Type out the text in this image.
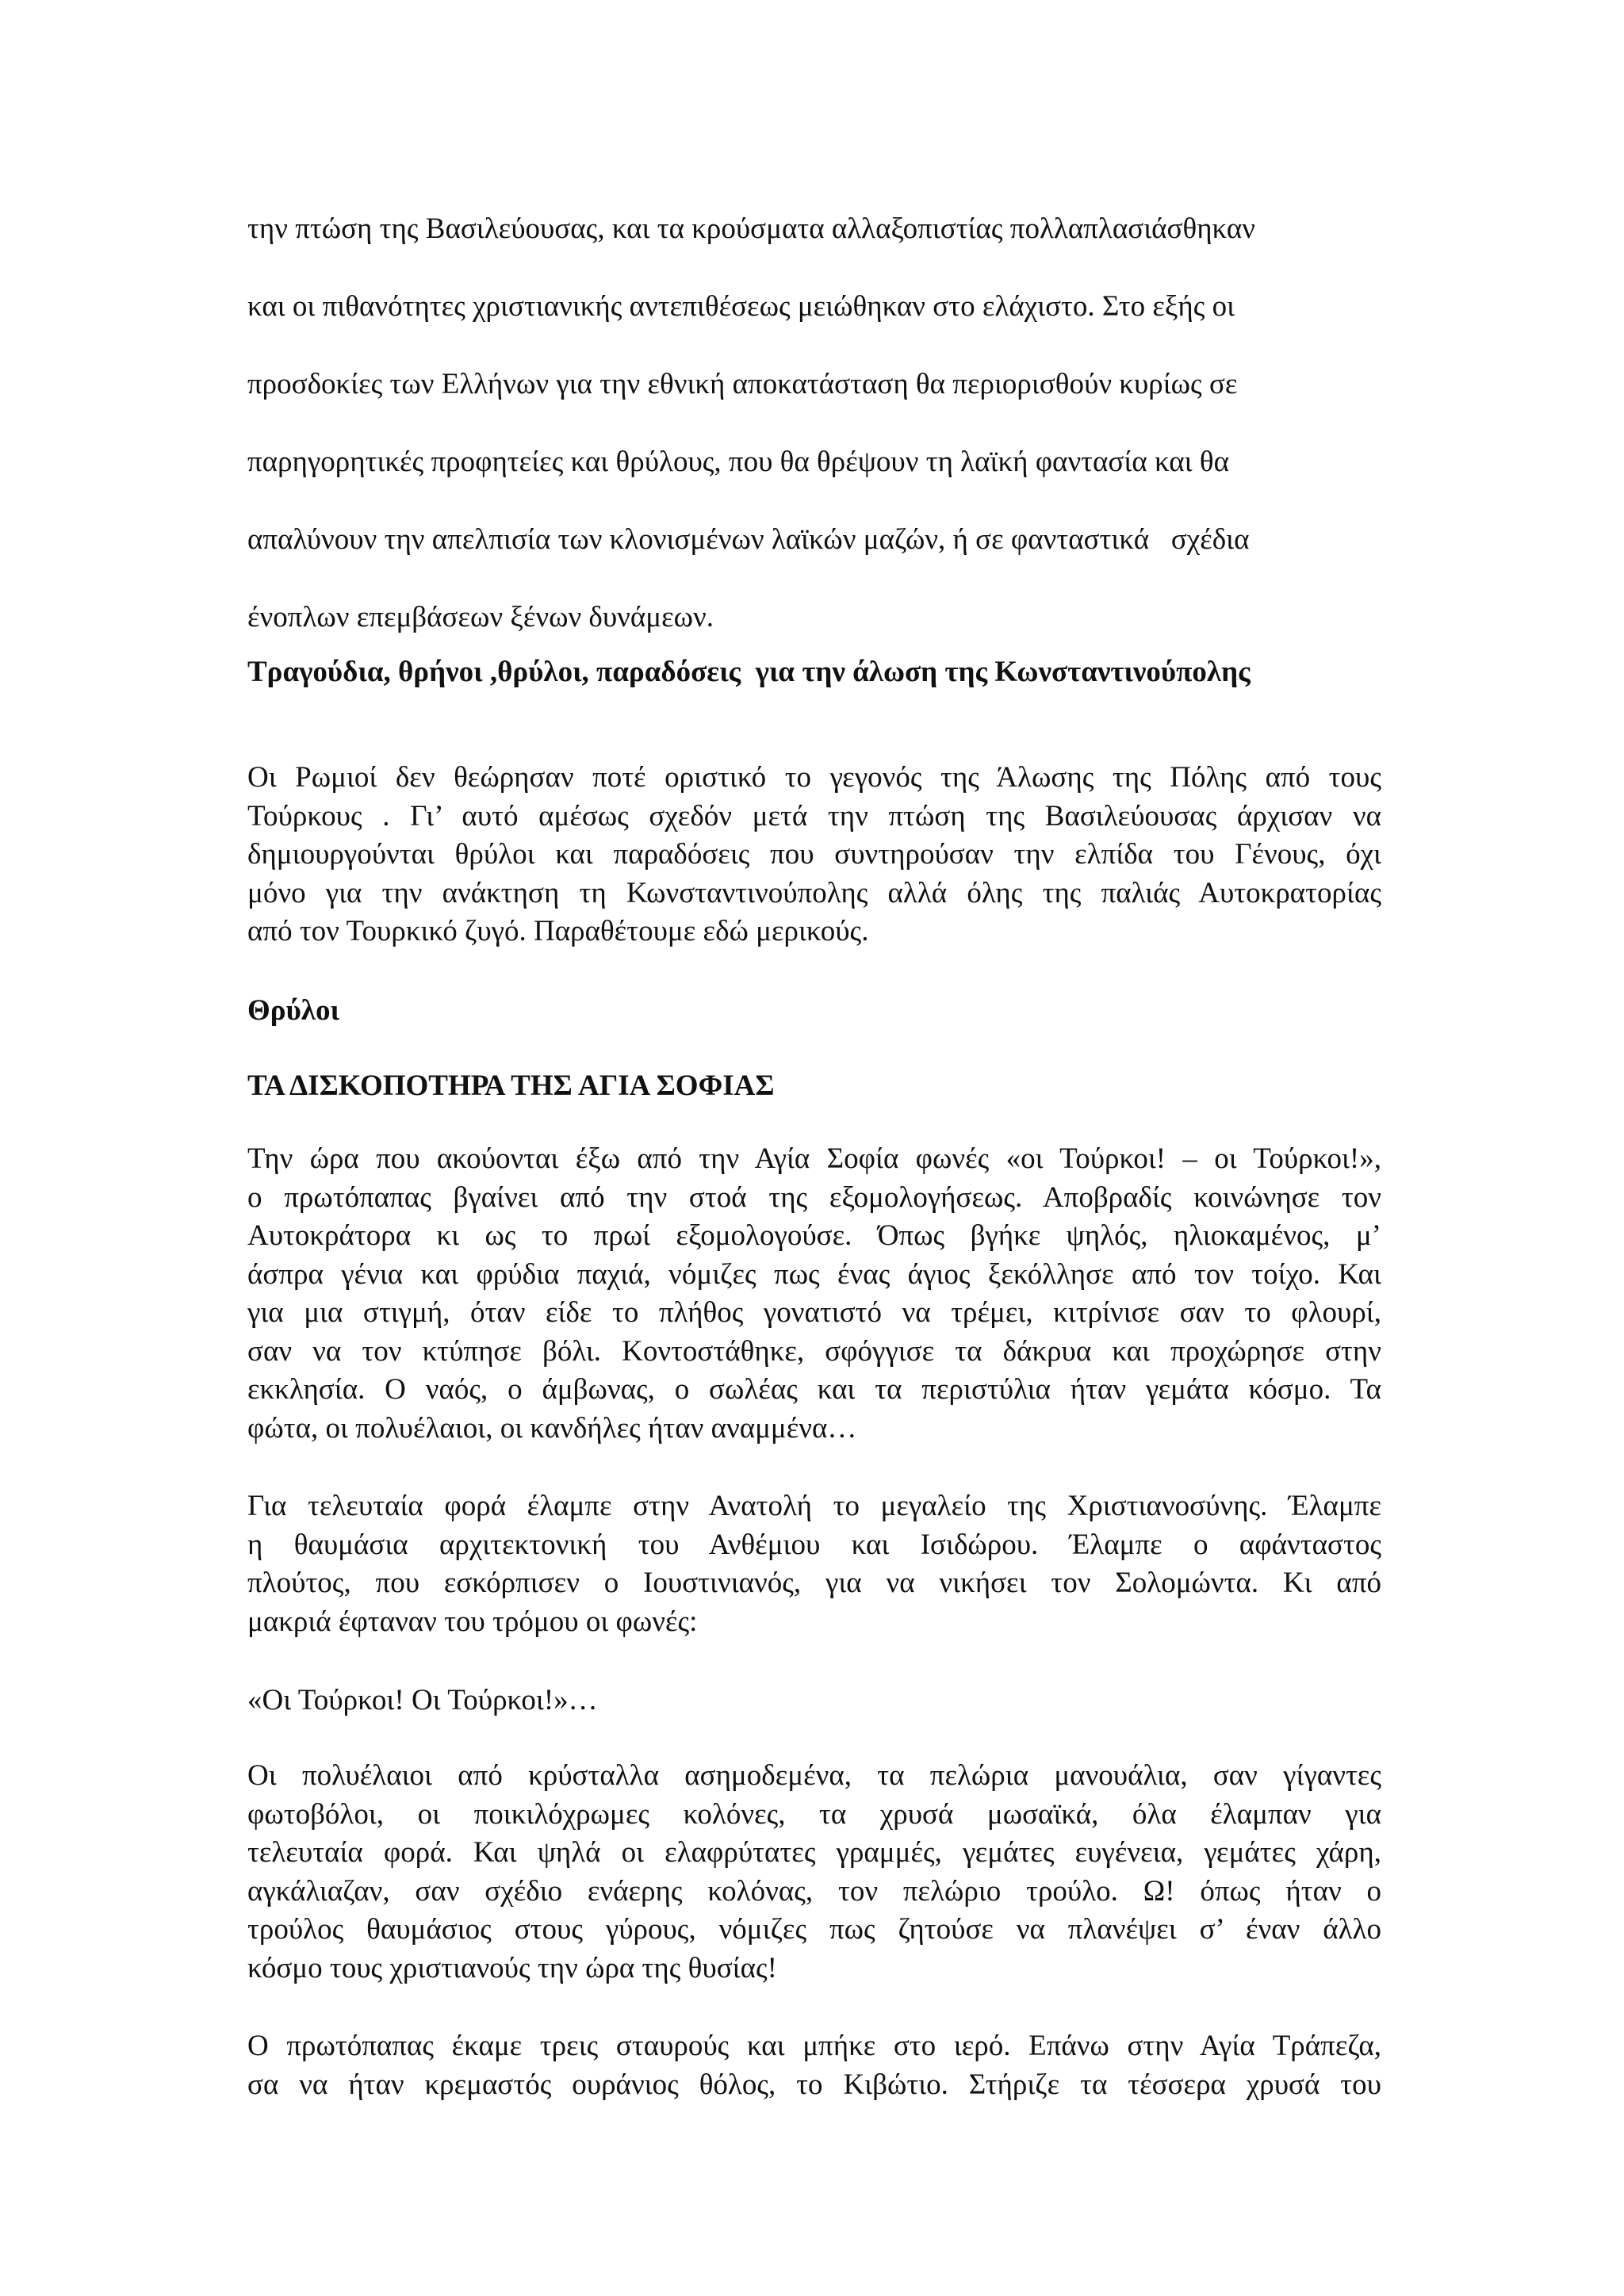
την πτώση της Βασιλεύουσας, και τα κρούσματα αλλαξοπιστίας πολλαπλασιάσθηκαν
και οι πιθανότητες χριστιανικής αντεπιθέσεως μειώθηκαν στο ελάχιστο. Στο εξής οι
προσδοκίες των Ελλήνων για την εθνική αποκατάσταση θα περιορισθούν κυρίως σε
παρηγορητικές προφητείες και θρύλους, που θα θρέψουν τη λαϊκή φαντασία και θα
απαλύνουν την απελπισία των κλονισμένων λαϊκών μαζών, ή σε φανταστικά   σχέδια
ένοπλων επεμβάσεων ξένων δυνάμεων.
Τραγούδια, θρήνοι ,θρύλοι, παραδόσεις  για την άλωση της Κωνσταντινούπολης

Οι Ρωμιοί δεν θεώρησαν ποτέ οριστικό το γεγονός της Άλωσης της Πόλης από τους
Τούρκους . Γι’ αυτό αμέσως σχεδόν μετά την πτώση της Βασιλεύουσας άρχισαν να
δημιουργούνται θρύλοι και παραδόσεις που συντηρούσαν την ελπίδα του Γένους, όχι
μόνο για την ανάκτηση τη Κωνσταντινούπολης αλλά όλης της παλιάς Αυτοκρατορίας
από τον Τουρκικό ζυγό. Παραθέτουμε εδώ μερικούς.

Θρύλοι
ΤΑ ΔΙΣΚΟΠΟΤΗΡΑ ΤΗΣ ΑΓΙΑ ΣΟΦΙΑΣ

Την ώρα που ακούονται έξω από την Αγία Σοφία φωνές «οι Τούρκοι! – οι Τούρκοι!»,
ο πρωτόπαπας βγαίνει από την στοά της εξομολογήσεως. Αποβραδίς κοινώνησε τον
Αυτοκράτορα κι ως το πρωί εξομολογούσε. Όπως βγήκε ψηλός, ηλιοκαμένος, μ’
άσπρα γένια και φρύδια παχιά, νόμιζες πως ένας άγιος ξεκόλλησε από τον τοίχο. Και
για μια στιγμή, όταν είδε το πλήθος γονατιστό να τρέμει, κιτρίνισε σαν το φλουρί,
σαν να τον κτύπησε βόλι. Κοντοστάθηκε, σφόγγισε τα δάκρυα και προχώρησε στην
εκκλησία. Ο ναός, ο άμβωνας, ο σωλέας και τα περιστύλια ήταν γεμάτα κόσμο. Τα
φώτα, οι πολυέλαιοι, οι κανδήλες ήταν αναμμένα…

Για τελευταία φορά έλαμπε στην Ανατολή το μεγαλείο της Χριστιανοσύνης. Έλαμπε
η θαυμάσια αρχιτεκτονική του Ανθέμιου και Ισιδώρου. Έλαμπε ο αφάνταστος
πλούτος, που εσκόρπισεν ο Ιουστινιανός, για να νικήσει τον Σολομώντα. Κι από
μακριά έφταναν του τρόμου οι φωνές:

«Οι Τούρκοι! Οι Τούρκοι!»…

Οι πολυέλαιοι από κρύσταλλα ασημοδεμένα, τα πελώρια μανουάλια, σαν γίγαντες
φωτοβόλοι, οι ποικιλόχρωμες κολόνες, τα χρυσά μωσαϊκά, όλα έλαμπαν για
τελευταία φορά. Και ψηλά οι ελαφρύτατες γραμμές, γεμάτες ευγένεια, γεμάτες χάρη,
αγκάλιαζαν, σαν σχέδιο ενάερης κολόνας, τον πελώριο τρούλο. Ω! όπως ήταν ο
τρούλος θαυμάσιος στους γύρους, νόμιζες πως ζητούσε να πλανέψει σ’ έναν άλλο
κόσμο τους χριστιανούς την ώρα της θυσίας!

Ο πρωτόπαπας έκαμε τρεις σταυρούς και μπήκε στο ιερό. Επάνω στην Αγία Τράπεζα,
σα να ήταν κρεμαστός ουράνιος θόλος, το Κιβώτιο. Στήριζε τα τέσσερα χρυσά του
